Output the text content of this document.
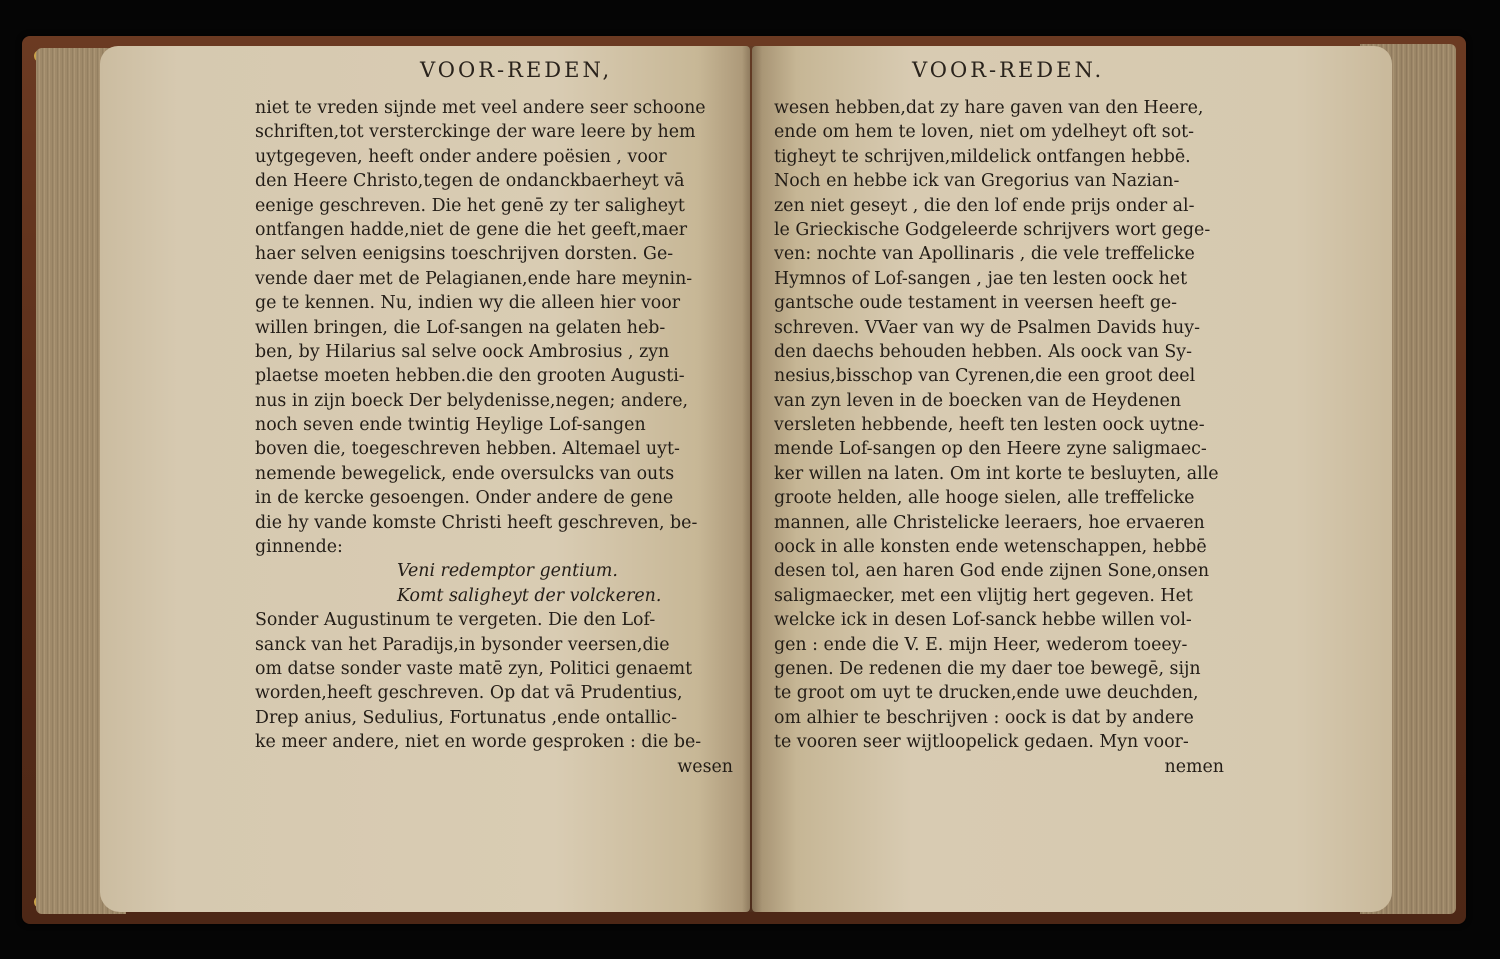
VOOR-REDEN,
niet te vreden sijnde met veel andere seer schoone
schriften,tot versterckinge der ware leere by hem
uytgegeven, heeft onder andere poësien , voor
den Heere Christo,tegen de ondanckbaerheyt vā
eenige geschreven. Die het genē zy ter saligheyt
ontfangen hadde,niet de gene die het geeft,maer
haer selven eenigsins toeschrijven dorsten. Ge-
vende daer met de Pelagianen,ende hare meynin-
ge te kennen. Nu, indien wy die alleen hier voor
willen bringen, die Lof-sangen na gelaten heb-
ben, by Hilarius sal selve oock Ambrosius , zyn
plaetse moeten hebben.die den grooten Augusti-
nus in zijn boeck Der belydenisse,negen; andere,
noch seven ende twintig Heylige Lof-sangen
boven die, toegeschreven hebben. Altemael uyt-
nemende bewegelick, ende oversulcks van outs
in de kercke gesoengen. Onder andere de gene
die hy vande komste Christi heeft geschreven, be-
ginnende:
Veni redemptor gentium.
Komt saligheyt der volckeren.
Sonder Augustinum te vergeten. Die den Lof-
sanck van het Paradijs,in bysonder veersen,die
om datse sonder vaste matē zyn, Politici genaemt
worden,heeft geschreven. Op dat vā Prudentius,
Drep anius, Sedulius, Fortunatus ,ende ontallic-
ke meer andere, niet en worde gesproken : die be-
wesen
VOOR-REDEN.
wesen hebben,dat zy hare gaven van den Heere,
ende om hem te loven, niet om ydelheyt oft sot-
tigheyt te schrijven,mildelick ontfangen hebbē.
Noch en hebbe ick van Gregorius van Nazian-
zen niet geseyt , die den lof ende prijs onder al-
le Grieckische Godgeleerde schrijvers wort gege-
ven: nochte van Apollinaris , die vele treffelicke
Hymnos of Lof-sangen , jae ten lesten oock het
gantsche oude testament in veersen heeft ge-
schreven. VVaer van wy de Psalmen Davids huy-
den daechs behouden hebben. Als oock van Sy-
nesius,bisschop van Cyrenen,die een groot deel
van zyn leven in de boecken van de Heydenen
versleten hebbende, heeft ten lesten oock uytne-
mende Lof-sangen op den Heere zyne saligmaec-
ker willen na laten. Om int korte te besluyten, alle
groote helden, alle hooge sielen, alle treffelicke
mannen, alle Christelicke leeraers, hoe ervaeren
oock in alle konsten ende wetenschappen, hebbē
desen tol, aen haren God ende zijnen Sone,onsen
saligmaecker, met een vlijtig hert gegeven. Het
welcke ick in desen Lof-sanck hebbe willen vol-
gen : ende die V. E. mijn Heer, wederom toeey-
genen. De redenen die my daer toe bewegē, sijn
te groot om uyt te drucken,ende uwe deuchden,
om alhier te beschrijven : oock is dat by andere
te vooren seer wijtloopelick gedaen. Myn voor-
nemen
